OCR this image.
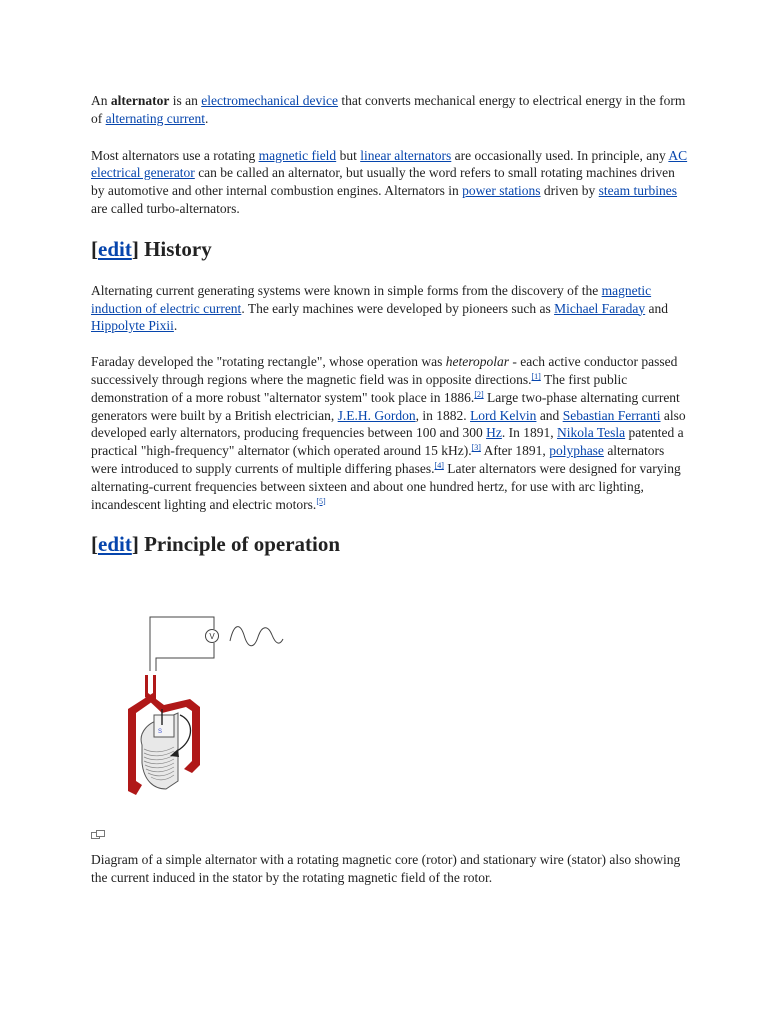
An alternator is an electromechanical device that converts mechanical energy to electrical energy in the form of alternating current.

Most alternators use a rotating magnetic field but linear alternators are occasionally used. In principle, any AC electrical generator can be called an alternator, but usually the word refers to small rotating machines driven by automotive and other internal combustion engines. Alternators in power stations driven by steam turbines are called turbo-alternators.

[edit] History

Alternating current generating systems were known in simple forms from the discovery of the magnetic induction of electric current. The early machines were developed by pioneers such as Michael Faraday and Hippolyte Pixii.

Faraday developed the "rotating rectangle", whose operation was heteropolar - each active conductor passed successively through regions where the magnetic field was in opposite directions.[1] The first public demonstration of a more robust "alternator system" took place in 1886.[2] Large two-phase alternating current generators were built by a British electrician, J.E.H. Gordon, in 1882. Lord Kelvin and Sebastian Ferranti also developed early alternators, producing frequencies between 100 and 300 Hz. In 1891, Nikola Tesla patented a practical "high-frequency" alternator (which operated around 15 kHz).[3] After 1891, polyphase alternators were introduced to supply currents of multiple differing phases.[4] Later alternators were designed for varying alternating-current frequencies between sixteen and about one hundred hertz, for use with arc lighting, incandescent lighting and electric motors.[5]

[edit] Principle of operation
V
S

Diagram of a simple alternator with a rotating magnetic core (rotor) and stationary wire (stator) also showing the current induced in the stator by the rotating magnetic field of the rotor.
